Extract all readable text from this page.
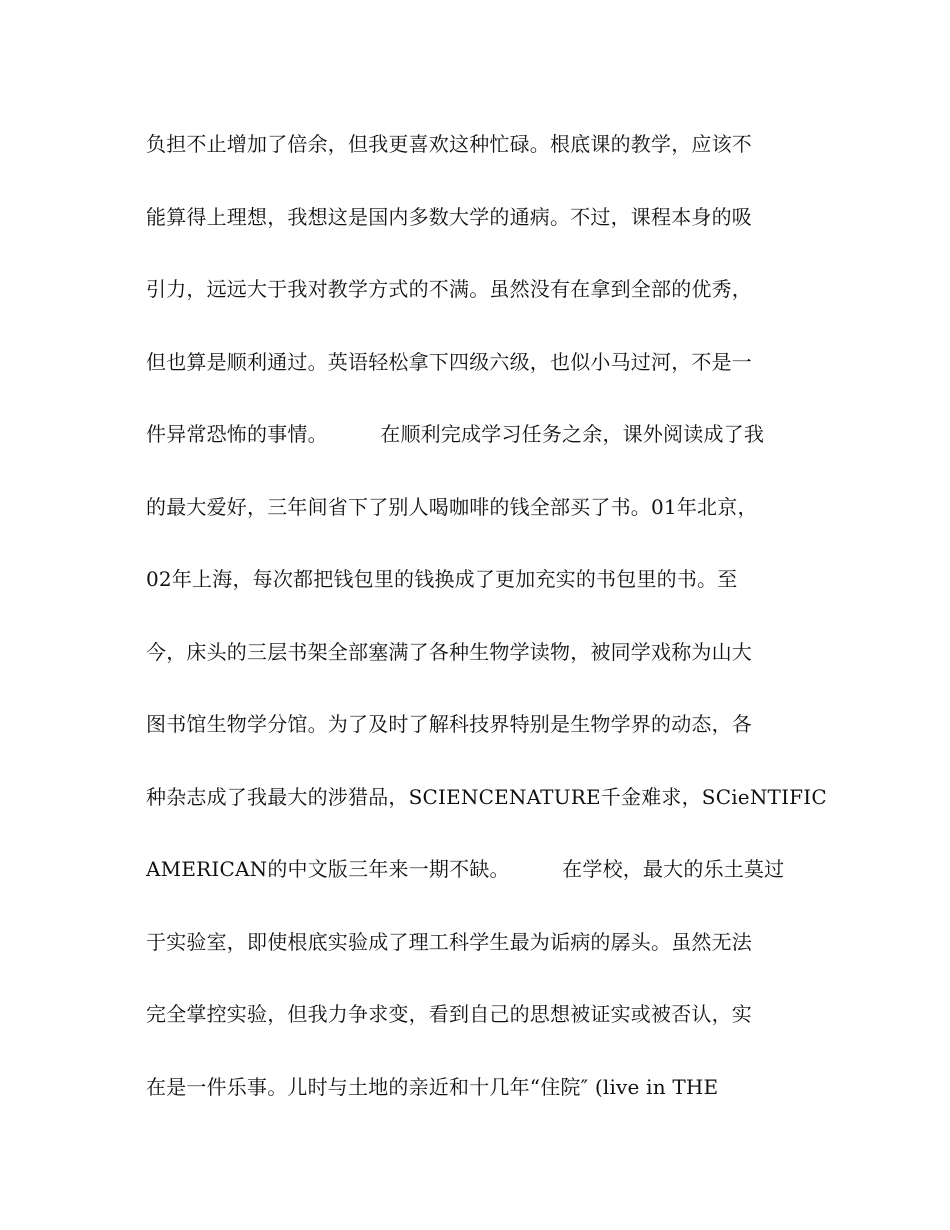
负担不止增加了倍余，但我更喜欢这种忙碌。根底课的教学，应该不
能算得上理想，我想这是国内多数大学的通病。不过，课程本身的吸
引力，远远大于我对教学方式的不满。虽然没有在拿到全部的优秀，
但也算是顺利通过。英语轻松拿下四级六级，也似小马过河，不是一
件异常恐怖的事情。        在顺利完成学习任务之余，课外阅读成了我
的最大爱好，三年间省下了别人喝咖啡的钱全部买了书。01年北京，
02年上海，每次都把钱包里的钱换成了更加充实的书包里的书。至
今，床头的三层书架全部塞满了各种生物学读物，被同学戏称为山大
图书馆生物学分馆。为了及时了解科技界特别是生物学界的动态，各
种杂志成了我最大的涉猎品，SCIENCENATURE千金难求，SCieNTIFIC
AMERICAN的中文版三年来一期不缺。        在学校，最大的乐土莫过
于实验室，即使根底实验成了理工科学生最为诟病的孱头。虽然无法
完全掌控实验，但我力争求变，看到自己的思想被证实或被否认，实
在是一件乐事。儿时与土地的亲近和十几年“住院″ (live in THE
